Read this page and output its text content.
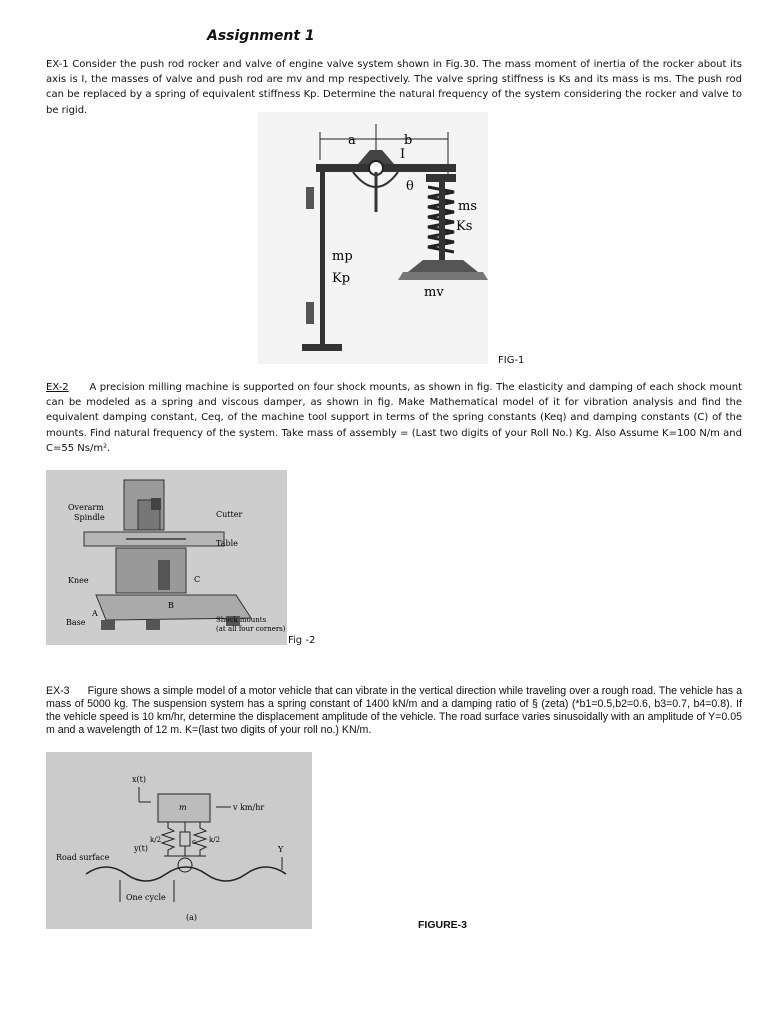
Assignment 1
EX-1 Consider the push rod rocker and valve of engine valve system shown in Fig.30. The mass moment of inertia of the rocker about its axis is I, the masses of valve and push rod are mv and mp respectively. The valve spring stiffness is Ks and its mass is ms. The push rod can be replaced by a spring of equivalent stiffness Kp. Determine the natural frequency of the system considering the rocker and valve to be rigid.
a	b
I
θ
mp
Kp
ms
Ks
mv
FIG-1
EX-2 A precision milling machine is supported on four shock mounts, as shown in fig. The elasticity and damping of each shock mount can be modeled as a spring and viscous damper, as shown in fig. Make Mathematical model of it for vibration analysis and find the equivalent damping constant, Ceq, of the machine tool support in terms of the spring constants (Keq) and damping constants (C) of the mounts. Find natural frequency of the system. Take mass of assembly = (Last two digits of your Roll No.) Kg. Also Assume K=100 N/m and C=55 Ns/m².
Overarm
Spindle	Cutter
Table
Knee
Base
A
B
C
Shock mounts
(at all four corners)
Fig -2
EX-3 Figure shows a simple model of a motor vehicle that can vibrate in the vertical direction while traveling over a rough road. The vehicle has a mass of 5000 kg. The suspension system has a spring constant of 1400 kN/m and a damping ratio of § (zeta) (*b1=0.5,b2=0.6, b3=0.7, b4=0.8). If the vehicle speed is 10 km/hr, determine the displacement amplitude of the vehicle. The road surface varies sinusoidally with an amplitude of Y=0.05 m and a wavelength of 12 m. K=(last two digits of your roll no.) KN/m.
x(t)
m	v km/hr
k/2	k/2
c
y(t)
Road surface
Y
One cycle
(a)
FIGURE-3
